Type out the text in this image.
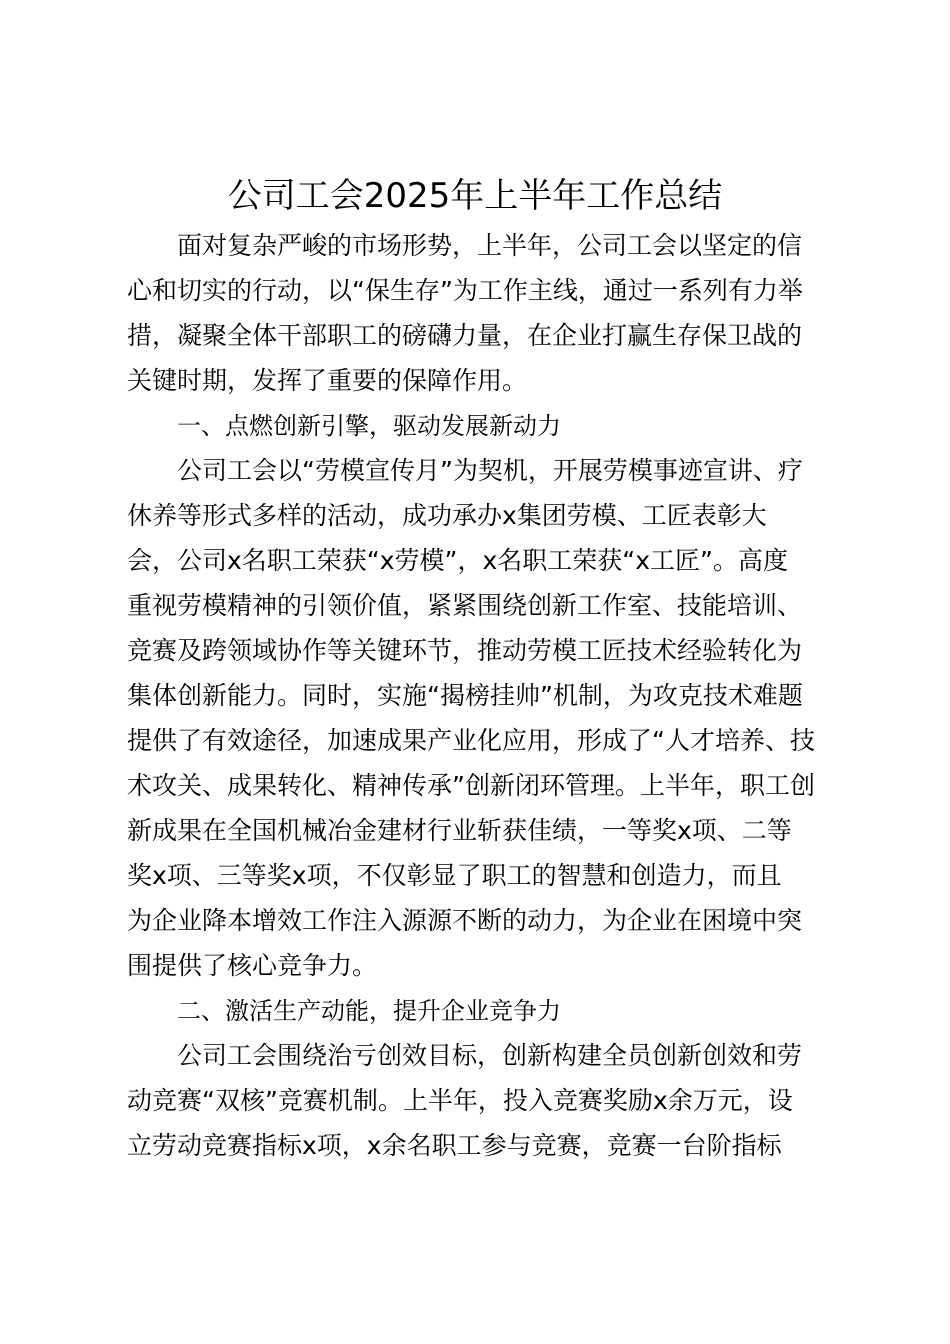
公司工会2025年上半年工作总结

面对复杂严峻的市场形势，上半年，公司工会以坚定的信

心和切实的行动，以“保生存”为工作主线，通过一系列有力举

措，凝聚全体干部职工的磅礴力量，在企业打赢生存保卫战的

关键时期，发挥了重要的保障作用。

一、点燃创新引擎，驱动发展新动力

公司工会以“劳模宣传月”为契机，开展劳模事迹宣讲、疗

休养等形式多样的活动，成功承办x集团劳模、工匠表彰大

会，公司x名职工荣获“x劳模”，x名职工荣获“x工匠”。高度

重视劳模精神的引领价值，紧紧围绕创新工作室、技能培训、

竞赛及跨领域协作等关键环节，推动劳模工匠技术经验转化为

集体创新能力。同时，实施“揭榜挂帅”机制，为攻克技术难题

提供了有效途径，加速成果产业化应用，形成了“人才培养、技

术攻关、成果转化、精神传承”创新闭环管理。上半年，职工创

新成果在全国机械冶金建材行业斩获佳绩，一等奖x项、二等

奖x项、三等奖x项，不仅彰显了职工的智慧和创造力，而且

为企业降本增效工作注入源源不断的动力，为企业在困境中突

围提供了核心竞争力。

二、激活生产动能，提升企业竞争力

公司工会围绕治亏创效目标，创新构建全员创新创效和劳

动竞赛“双核”竞赛机制。上半年，投入竞赛奖励x余万元，设

立劳动竞赛指标x项，x余名职工参与竞赛，竞赛一台阶指标
